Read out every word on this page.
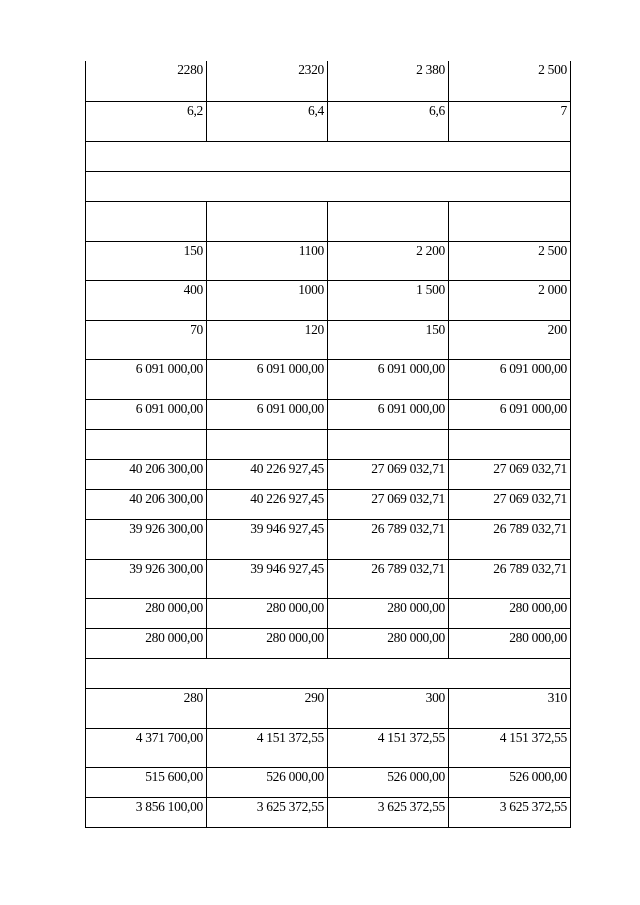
2280	2320	2 380	2 500
6,2	6,4	6,6	7

150	1100	2 200	2 500
400	1000	1 500	2 000
70	120	150	200
6 091 000,00	6 091 000,00	6 091 000,00	6 091 000,00
6 091 000,00	6 091 000,00	6 091 000,00	6 091 000,00

40 206 300,00	40 226 927,45	27 069 032,71	27 069 032,71
40 206 300,00	40 226 927,45	27 069 032,71	27 069 032,71
39 926 300,00	39 946 927,45	26 789 032,71	26 789 032,71
39 926 300,00	39 946 927,45	26 789 032,71	26 789 032,71
280 000,00	280 000,00	280 000,00	280 000,00
280 000,00	280 000,00	280 000,00	280 000,00

280	290	300	310
4 371 700,00	4 151 372,55	4 151 372,55	4 151 372,55
515 600,00	526 000,00	526 000,00	526 000,00
3 856 100,00	3 625 372,55	3 625 372,55	3 625 372,55
